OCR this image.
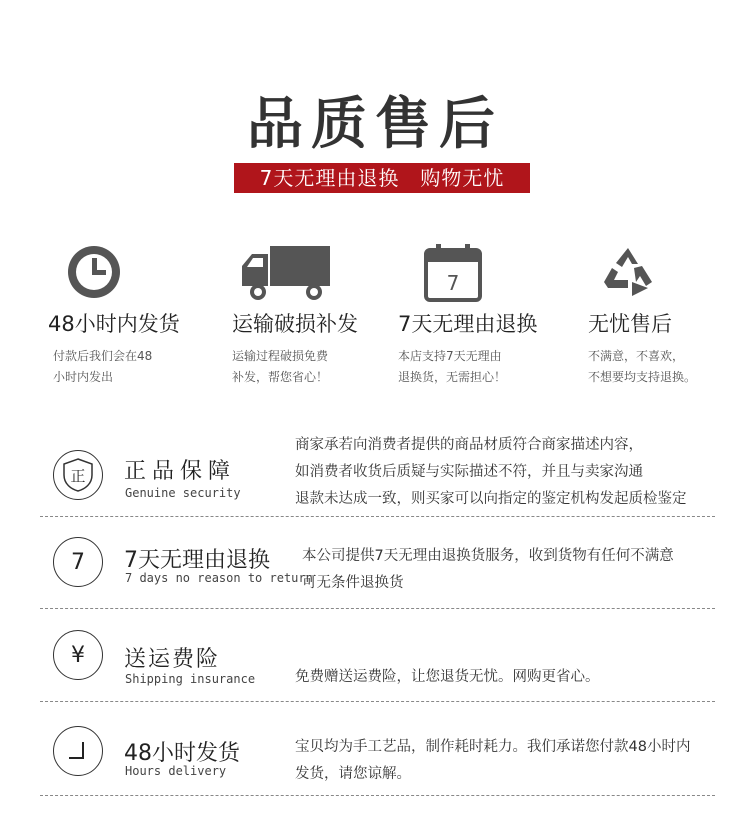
品质售后
7天无理由退换　购物无忧
48小时内发货
付款后我们会在48
小时内发出
运输破损补发
运输过程破损免费
补发，帮您省心！
7
7天无理由退换
本店支持7天无理由
退换货，无需担心！
无忧售后
不满意，不喜欢，
不想要均支持退换。
正 正品保障
Genuine security
商家承若向消费者提供的商品材质符合商家描述内容，
如消费者收货后质疑与实际描述不符，并且与卖家沟通
退款未达成一致，则买家可以向指定的鉴定机构发起质检鉴定
7	7天无理由退换
7 days no reason to return
本公司提供7天无理由退换货服务，收到货物有任何不满意
可无条件退换货
¥	送运费险
Shipping insurance	免费赠送运费险，让您退货无忧。网购更省心。
48小时发货
Hours delivery
宝贝均为手工艺品，制作耗时耗力。我们承诺您付款48小时内
发货，请您谅解。
